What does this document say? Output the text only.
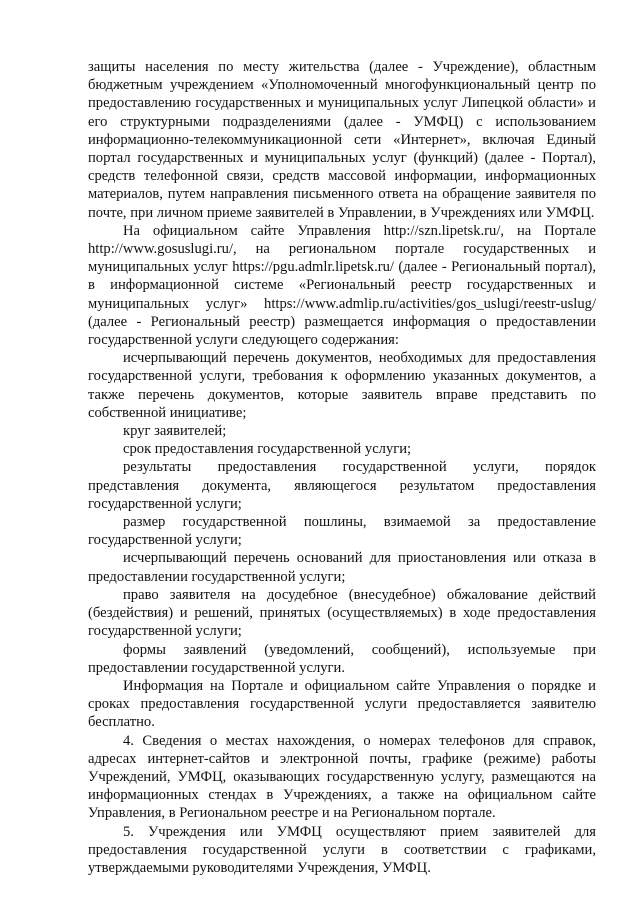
защиты населения по месту жительства (далее - Учреждение), областным бюджетным учреждением «Уполномоченный многофункциональный центр по предоставлению государственных и муниципальных услуг Липецкой области» и его структурными подразделениями (далее - УМФЦ) с использованием информационно-телекоммуникационной сети «Интернет», включая Единый портал государственных и муниципальных услуг (функций) (далее - Портал), средств телефонной связи, средств массовой информации, информационных материалов, путем направления письменного ответа на обращение заявителя по почте, при личном приеме заявителей в Управлении, в Учреждениях или УМФЦ.

На официальном сайте Управления http://szn.lipetsk.ru/, на Портале http://www.gosuslugi.ru/, на региональном портале государственных и муниципальных услуг https://pgu.admlr.lipetsk.ru/ (далее - Региональный портал), в информационной системе «Региональный реестр государственных и муниципальных услуг» https://www.admlip.ru/activities/gos_uslugi/reestr-uslug/ (далее - Региональный реестр) размещается информация о предоставлении государственной услуги следующего содержания:

исчерпывающий перечень документов, необходимых для предоставления государственной услуги, требования к оформлению указанных документов, а также перечень документов, которые заявитель вправе представить по собственной инициативе;

круг заявителей;

срок предоставления государственной услуги;

результаты предоставления государственной услуги, порядок представления документа, являющегося результатом предоставления государственной услуги;

размер государственной пошлины, взимаемой за предоставление государственной услуги;

исчерпывающий перечень оснований для приостановления или отказа в предоставлении государственной услуги;

право заявителя на досудебное (внесудебное) обжалование действий (бездействия) и решений, принятых (осуществляемых) в ходе предоставления государственной услуги;

формы заявлений (уведомлений, сообщений), используемые при предоставлении государственной услуги.

Информация на Портале и официальном сайте Управления о порядке и сроках предоставления государственной услуги предоставляется заявителю бесплатно.

4. Сведения о местах нахождения, о номерах телефонов для справок, адресах интернет-сайтов и электронной почты, графике (режиме) работы Учреждений, УМФЦ, оказывающих государственную услугу, размещаются на информационных стендах в Учреждениях, а также на официальном сайте Управления, в Региональном реестре и на Региональном портале.

5. Учреждения или УМФЦ осуществляют прием заявителей для предоставления государственной услуги в соответствии с графиками, утверждаемыми руководителями Учреждения, УМФЦ.
